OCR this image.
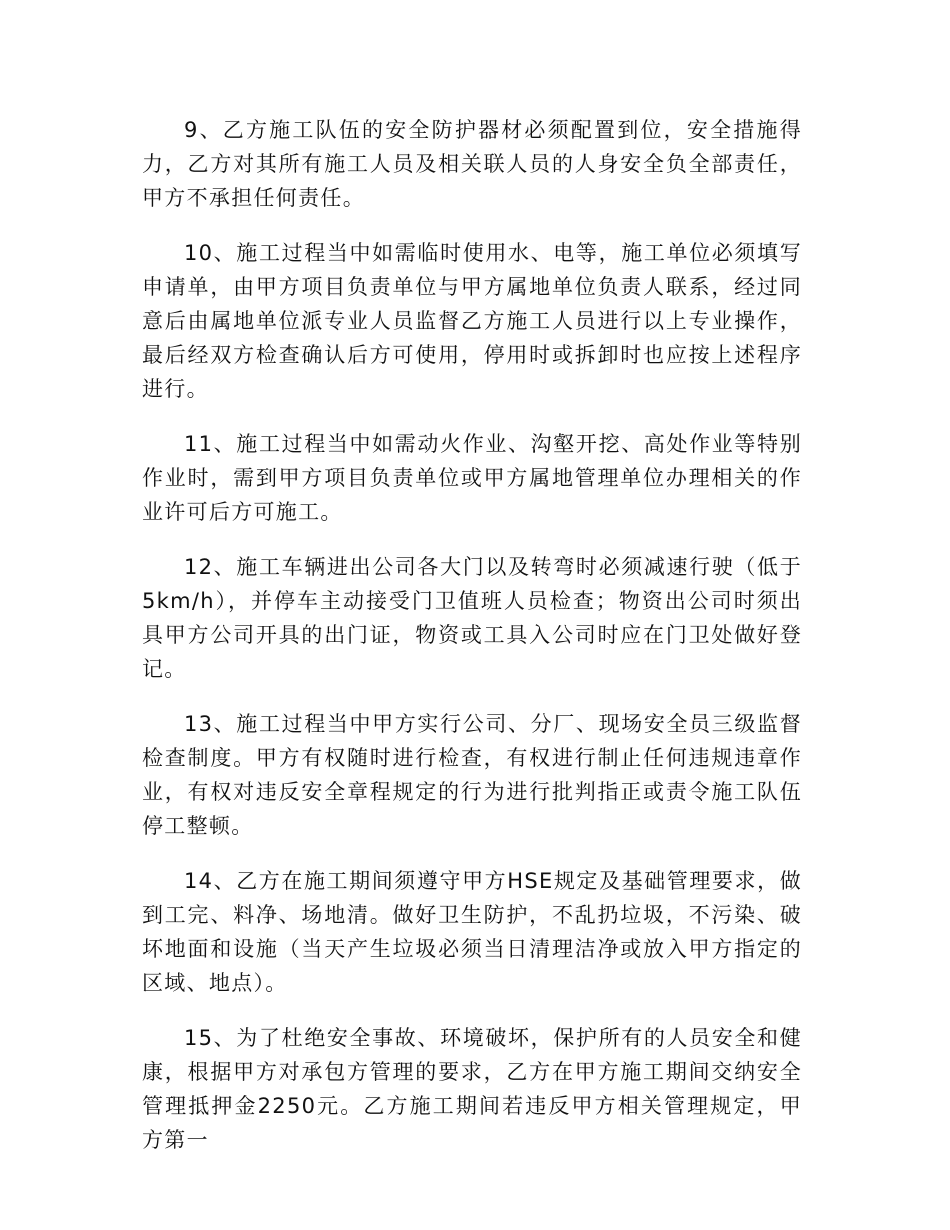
9、乙方施工队伍的安全防护器材必须配置到位，安全措施得力，乙方对其所有施工人员及相关联人员的人身安全负全部责任，甲方不承担任何责任。

10、施工过程当中如需临时使用水、电等，施工单位必须填写申请单，由甲方项目负责单位与甲方属地单位负责人联系，经过同意后由属地单位派专业人员监督乙方施工人员进行以上专业操作，最后经双方检查确认后方可使用，停用时或拆卸时也应按上述程序进行。

11、施工过程当中如需动火作业、沟壑开挖、高处作业等特别作业时，需到甲方项目负责单位或甲方属地管理单位办理相关的作业许可后方可施工。

12、施工车辆进出公司各大门以及转弯时必须减速行驶（低于5km/h），并停车主动接受门卫值班人员检查；物资出公司时须出具甲方公司开具的出门证，物资或工具入公司时应在门卫处做好登记。

13、施工过程当中甲方实行公司、分厂、现场安全员三级监督检查制度。甲方有权随时进行检查，有权进行制止任何违规违章作业，有权对违反安全章程规定的行为进行批判指正或责令施工队伍停工整顿。

14、乙方在施工期间须遵守甲方HSE规定及基础管理要求，做到工完、料净、场地清。做好卫生防护，不乱扔垃圾，不污染、破坏地面和设施（当天产生垃圾必须当日清理洁净或放入甲方指定的区域、地点）。

15、为了杜绝安全事故、环境破坏，保护所有的人员安全和健康，根据甲方对承包方管理的要求，乙方在甲方施工期间交纳安全管理抵押金2250元。乙方施工期间若违反甲方相关管理规定，甲方第一
